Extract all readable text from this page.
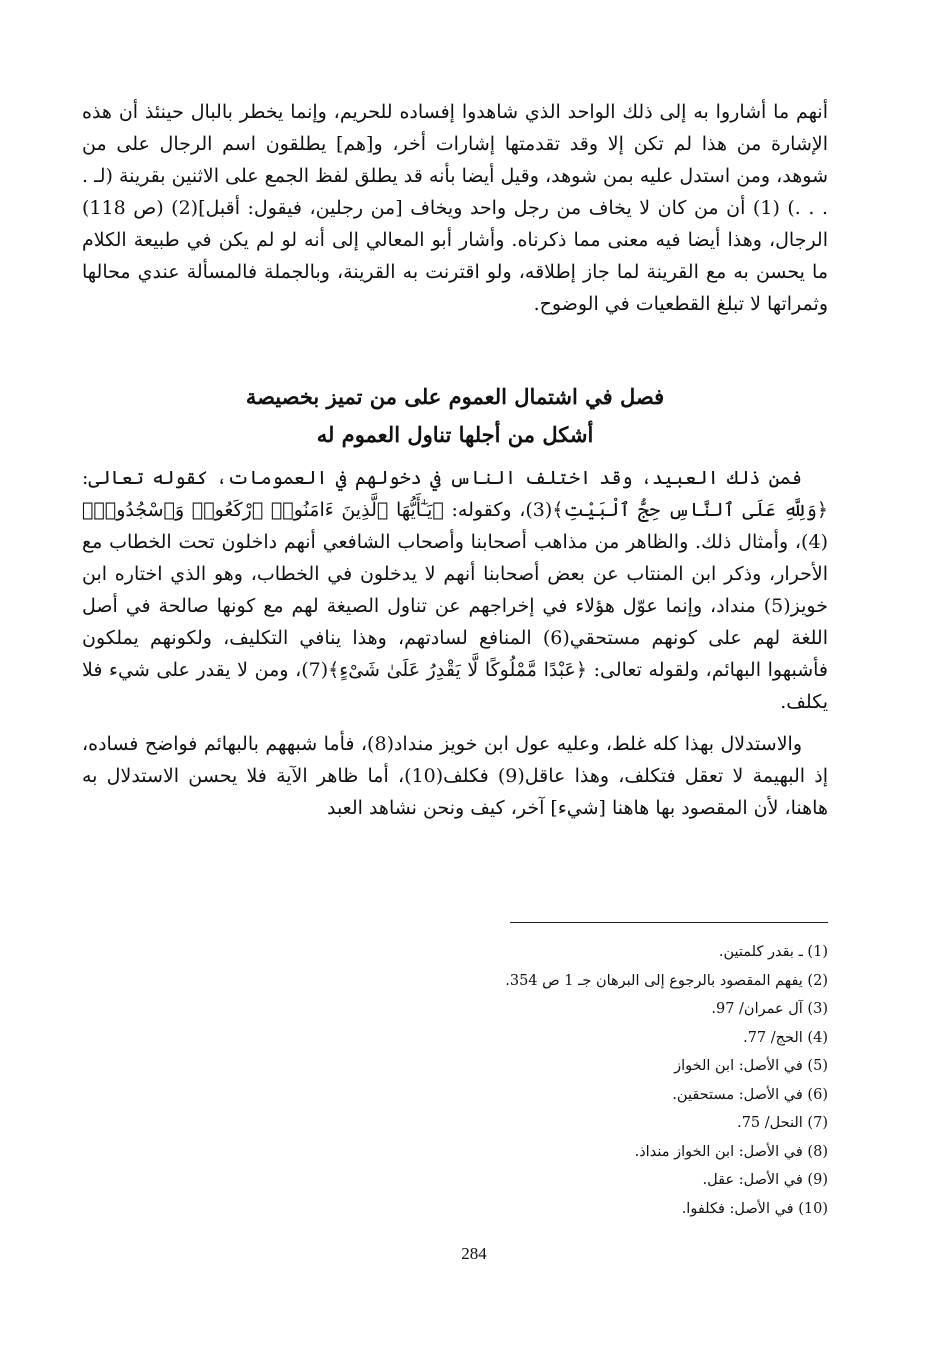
أنهم ما أشاروا به إلى ذلك الواحد الذي شاهدوا إفساده للحريم، وإنما يخطر بالبال حينئذ أن هذه الإشارة من هذا لم تكن إلا وقد تقدمتها إشارات أخر، و[هم] يطلقون اسم الرجال على من شوهد، ومن استدل عليه بمن شوهد، وقيل أيضا بأنه قد يطلق لفظ الجمع على الاثنين بقرينة (لـ . . . .) (1) أن من كان لا يخاف من رجل واحد ويخاف [من رجلين، فيقول: أقبل](2) (ص 118) الرجال، وهذا أيضا فيه معنى مما ذكرناه. وأشار أبو المعالي إلى أنه لو لم يكن في طبيعة الكلام ما يحسن به مع القرينة لما جاز إطلاقه، ولو اقترنت به القرينة، وبالجملة فالمسألة عندي محالها وثمراتها لا تبلغ القطعيات في الوضوح.

فصل في اشتمال العموم على من تميز بخصيصة

أشكل من أجلها تناول العموم له

فمن ذلك العبيد، وقد اختلف الناس في دخولهم في العمومات، كقوله تعالى: ﴿وَلِلَّهِ عَلَى ٱلنَّاسِ حِجُّ ٱلْبَيْتِ﴾(3)، وكقوله: ﴿يَـٰٓأَيُّهَا ٱلَّذِينَ ءَامَنُوا۟ ٱرْكَعُوا۟ وَٱسْجُدُوا۟﴾(4)، وأمثال ذلك. والظاهر من مذاهب أصحابنا وأصحاب الشافعي أنهم داخلون تحت الخطاب مع الأحرار، وذكر ابن المنتاب عن بعض أصحابنا أنهم لا يدخلون في الخطاب، وهو الذي اختاره ابن خويز(5) منداد، وإنما عوّل هؤلاء في إخراجهم عن تناول الصيغة لهم مع كونها صالحة في أصل اللغة لهم على كونهم مستحقي(6) المنافع لسادتهم، وهذا ينافي التكليف، ولكونهم يملكون فأشبهوا البهائم، ولقوله تعالى: ﴿عَبْدًا مَّمْلُوكًا لَّا يَقْدِرُ عَلَىٰ شَىْءٍ﴾(7)، ومن لا يقدر على شيء فلا يكلف.

والاستدلال بهذا كله غلط، وعليه عول ابن خويز منداد(8)، فأما شبههم بالبهائم فواضح فساده، إذ البهيمة لا تعقل فتكلف، وهذا عاقل(9) فكلف(10)، أما ظاهر الآية فلا يحسن الاستدلال به هاهنا، لأن المقصود بها هاهنا [شيء] آخر، كيف ونحن نشاهد العبد

(1) ـ بقدر كلمتين.

(2) يفهم المقصود بالرجوع إلى البرهان جـ 1 ص 354.

(3) آل عمران/ 97.

(4) الحج/ 77.

(5) في الأصل: ابن الخواز

(6) في الأصل: مستحقين.

(7) النحل/ 75.

(8) في الأصل: ابن الخواز منداذ.

(9) في الأصل: عقل.

(10) في الأصل: فكلفوا.

284
